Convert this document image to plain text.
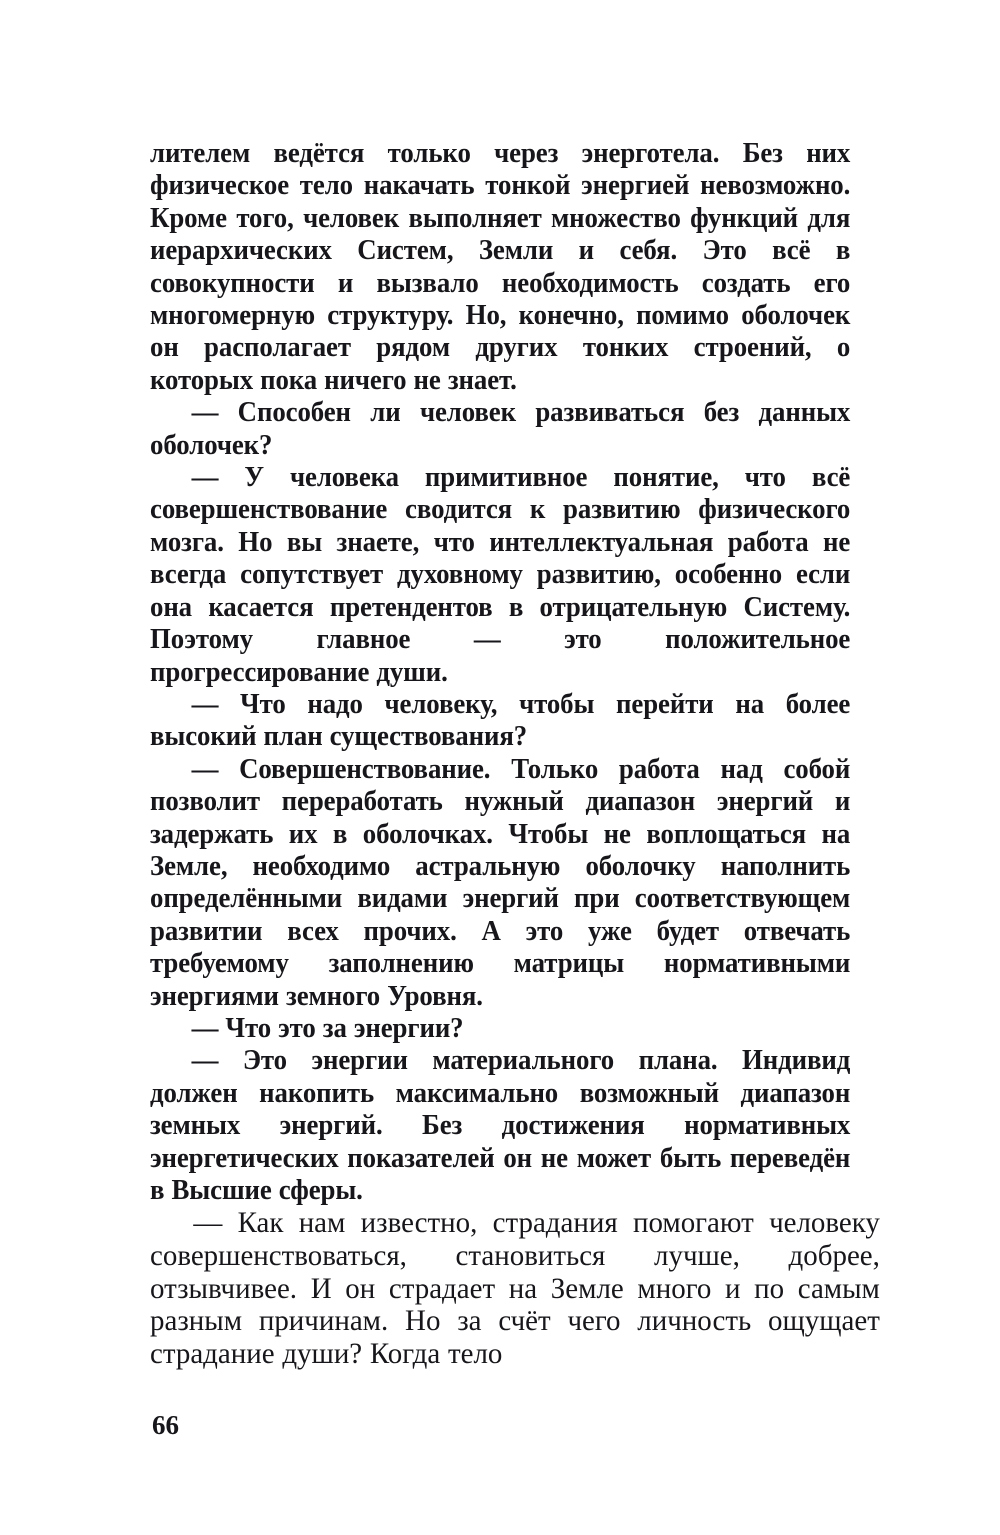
лителем ведётся только через энерготела. Без них физическое тело накачать тонкой энергией невозможно. Кроме того, человек выполняет множество функций для иерархических Систем, Земли и себя. Это всё в совокупности и вызвало необходимость создать его многомерную структуру. Но, конечно, помимо оболочек он располагает рядом других тонких строений, о которых пока ничего не знает.

— Способен ли человек развиваться без данных оболочек?

— У человека примитивное понятие, что всё совершенствование сводится к развитию физического мозга. Но вы знаете, что интеллектуальная работа не всегда сопутствует духовному развитию, особенно если она касается претендентов в отрицательную Систему. Поэтому главное — это положительное прогрессирование души.

— Что надо человеку, чтобы перейти на более высокий план существования?

— Совершенствование. Только работа над собой позволит переработать нужный диапазон энергий и задержать их в оболочках. Чтобы не воплощаться на Земле, необходимо астральную оболочку наполнить определёнными видами энергий при соответствующем развитии всех прочих. А это уже будет отвечать требуемому заполнению матрицы нормативными энергиями земного Уровня.

— Что это за энергии?

— Это энергии материального плана. Индивид должен накопить максимально возможный диапазон земных энергий. Без достижения нормативных энергетических показателей он не может быть переведён в Высшие сферы.

— Как нам известно, страдания помогают человеку совершенствоваться, становиться лучше, добрее, отзывчивее. И он страдает на Земле много и по самым разным причинам. Но за счёт чего личность ощущает страдание души? Когда тело

66
